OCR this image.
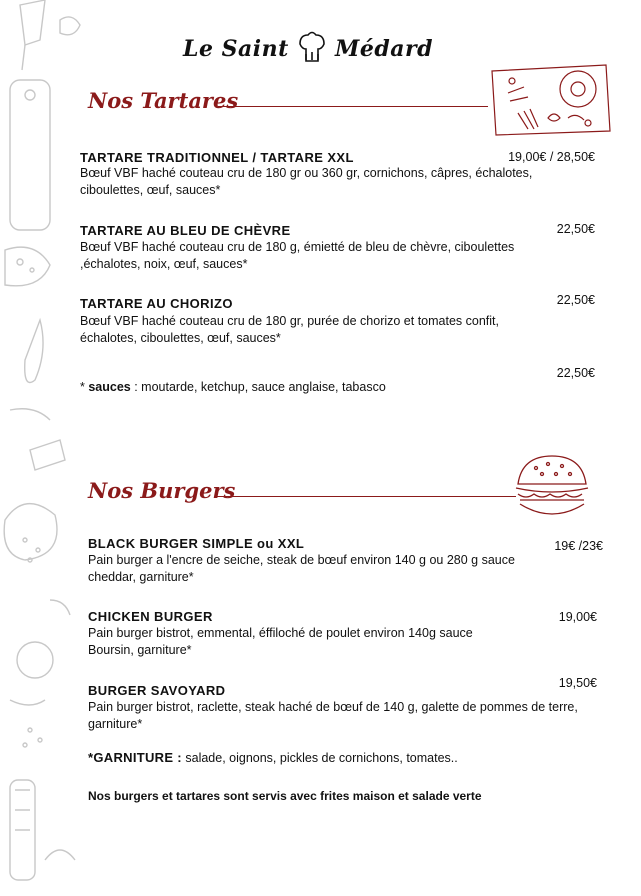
Le Saint Médard
Nos Tartares
TARTARE TRADITIONNEL / TARTARE XXL	19,00€ / 28,50€
Bœuf VBF haché couteau cru de 180 gr ou 360 gr, cornichons, câpres, échalotes, ciboulettes, œuf, sauces*
TARTARE AU BLEU DE CHÈVRE	22,50€
Bœuf VBF haché couteau cru de 180 g, émietté de bleu de chèvre, ciboulettes ,échalotes, noix, œuf, sauces*
TARTARE AU CHORIZO	22,50€
Bœuf VBF haché couteau cru de 180 gr, purée de chorizo et tomates confit, échalotes, ciboulettes, œuf, sauces*
22,50€
* sauces : moutarde, ketchup, sauce anglaise, tabasco
Nos Burgers
BLACK BURGER SIMPLE ou XXL	19€ /23€
Pain burger a l'encre de seiche, steak de bœuf environ 140 g ou 280 g sauce cheddar, garniture*
CHICKEN BURGER	19,00€
Pain burger bistrot, emmental, éffiloché de poulet environ 140g sauce Boursin, garniture*
BURGER SAVOYARD	19,50€
Pain burger bistrot, raclette, steak haché de bœuf de 140 g, galette de pommes de terre, garniture*
*GARNITURE : salade, oignons, pickles de cornichons, tomates..
Nos burgers et tartares sont servis avec frites maison et salade verte
